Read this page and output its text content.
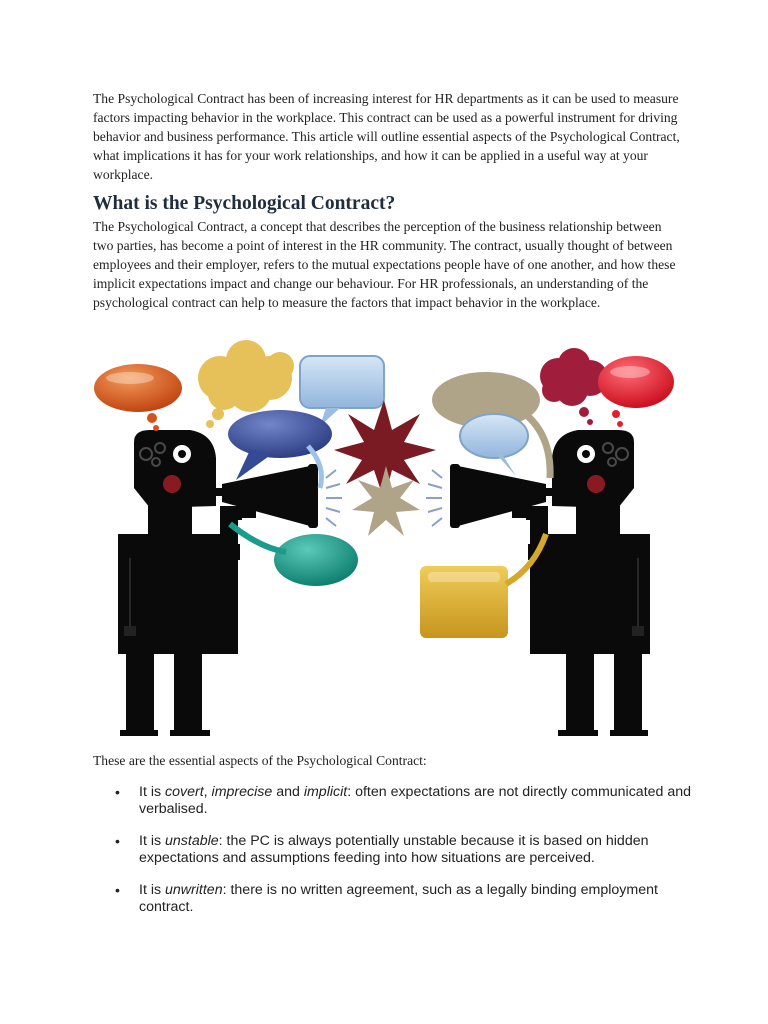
The Psychological Contract has been of increasing interest for HR departments as it can be used to measure factors impacting behavior in the workplace. This contract can be used as a powerful instrument for driving behavior and business performance. This article will outline essential aspects of the Psychological Contract, what implications it has for your work relationships, and how it can be applied in a useful way at your workplace.

What is the Psychological Contract?

The Psychological Contract, a concept that describes the perception of the business relationship between two parties, has become a point of interest in the HR community. The contract, usually thought of between employees and their employer, refers to the mutual expectations people have of one another, and how these implicit expectations impact and change our behaviour. For HR professionals, an understanding of the psychological contract can help to measure the factors that impact behavior in the workplace.

These are the essential aspects of the Psychological Contract:

• It is covert, imprecise and implicit: often expectations are not directly communicated and verbalised.
• It is unstable: the PC is always potentially unstable because it is based on hidden expectations and assumptions feeding into how situations are perceived.
• It is unwritten: there is no written agreement, such as a legally binding employment contract.
